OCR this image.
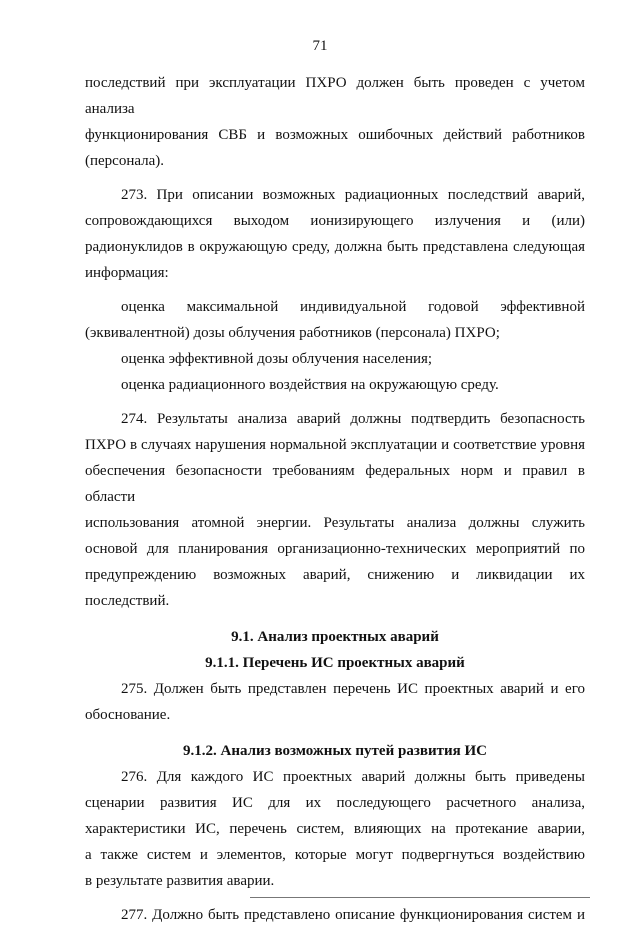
71

последствий при эксплуатации ПХРО должен быть проведен с учетом анализа

функционирования СВБ и возможных ошибочных действий работников

(персонала).

273. При описании возможных радиационных последствий аварий,

сопровождающихся выходом ионизирующего излучения и (или)

радионуклидов в окружающую среду, должна быть представлена следующая

информация:

оценка максимальной индивидуальной годовой эффективной

(эквивалентной) дозы облучения работников (персонала) ПХРО;

оценка эффективной дозы облучения населения;

оценка радиационного воздействия на окружающую среду.

274. Результаты анализа аварий должны подтвердить безопасность

ПХРО в случаях нарушения нормальной эксплуатации и соответствие уровня

обеспечения безопасности требованиям федеральных норм и правил в области

использования атомной энергии. Результаты анализа должны служить

основой для планирования организационно-технических мероприятий по

предупреждению возможных аварий, снижению и ликвидации их

последствий.

9.1. Анализ проектных аварий

9.1.1. Перечень ИС проектных аварий

275. Должен быть представлен перечень ИС проектных аварий и его

обоснование.

9.1.2. Анализ возможных путей развития ИС

276. Для каждого ИС проектных аварий должны быть приведены

сценарии развития ИС для их последующего расчетного анализа,

характеристики ИС, перечень систем, влияющих на протекание аварии,

а также систем и элементов, которые могут подвергнуться воздействию

в результате развития аварии.

277. Должно быть представлено описание функционирования систем и
